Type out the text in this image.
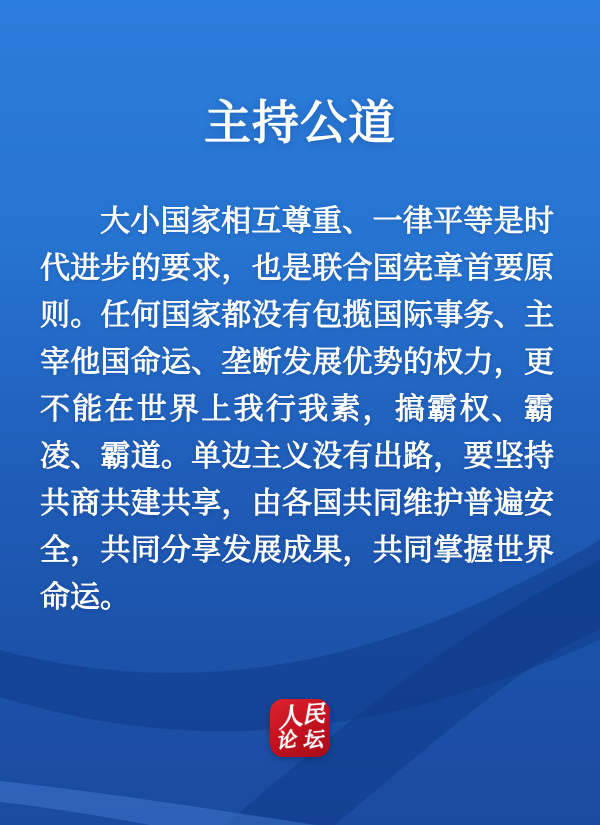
主持公道

大小国家相互尊重、一律平等是时代进步的要求，也是联合国宪章首要原则。任何国家都没有包揽国际事务、主宰他国命运、垄断发展优势的权力，更不能在世界上我行我素，搞霸权、霸凌、霸道。单边主义没有出路，要坚持共商共建共享，由各国共同维护普遍安全，共同分享发展成果，共同掌握世界命运。

人
民
论 坛
